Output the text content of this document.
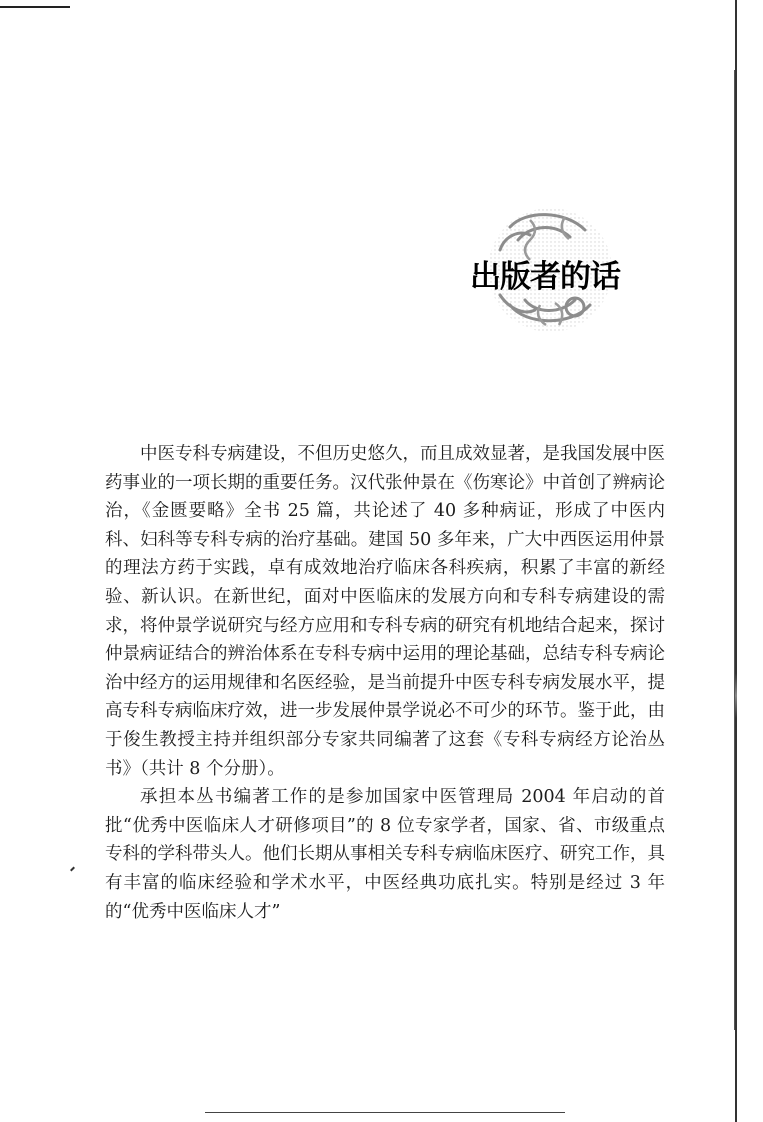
出版者的话

中医专科专病建设，不但历史悠久，而且成效显著，是我国发展中医药事业的一项长期的重要任务。汉代张仲景在《伤寒论》中首创了辨病论治，《金匮要略》全书 25 篇，共论述了 40 多种病证，形成了中医内科、妇科等专科专病的治疗基础。建国 50 多年来，广大中西医运用仲景的理法方药于实践，卓有成效地治疗临床各科疾病，积累了丰富的新经验、新认识。在新世纪，面对中医临床的发展方向和专科专病建设的需求，将仲景学说研究与经方应用和专科专病的研究有机地结合起来，探讨仲景病证结合的辨治体系在专科专病中运用的理论基础，总结专科专病论治中经方的运用规律和名医经验，是当前提升中医专科专病发展水平，提高专科专病临床疗效，进一步发展仲景学说必不可少的环节。鉴于此，由于俊生教授主持并组织部分专家共同编著了这套《专科专病经方论治丛书》（共计 8 个分册）。

承担本丛书编著工作的是参加国家中医管理局 2004 年启动的首批“优秀中医临床人才研修项目”的 8 位专家学者，国家、省、市级重点专科的学科带头人。他们长期从事相关专科专病临床医疗、研究工作，具有丰富的临床经验和学术水平，中医经典功底扎实。特别是经过 3 年的“优秀中医临床人才”
